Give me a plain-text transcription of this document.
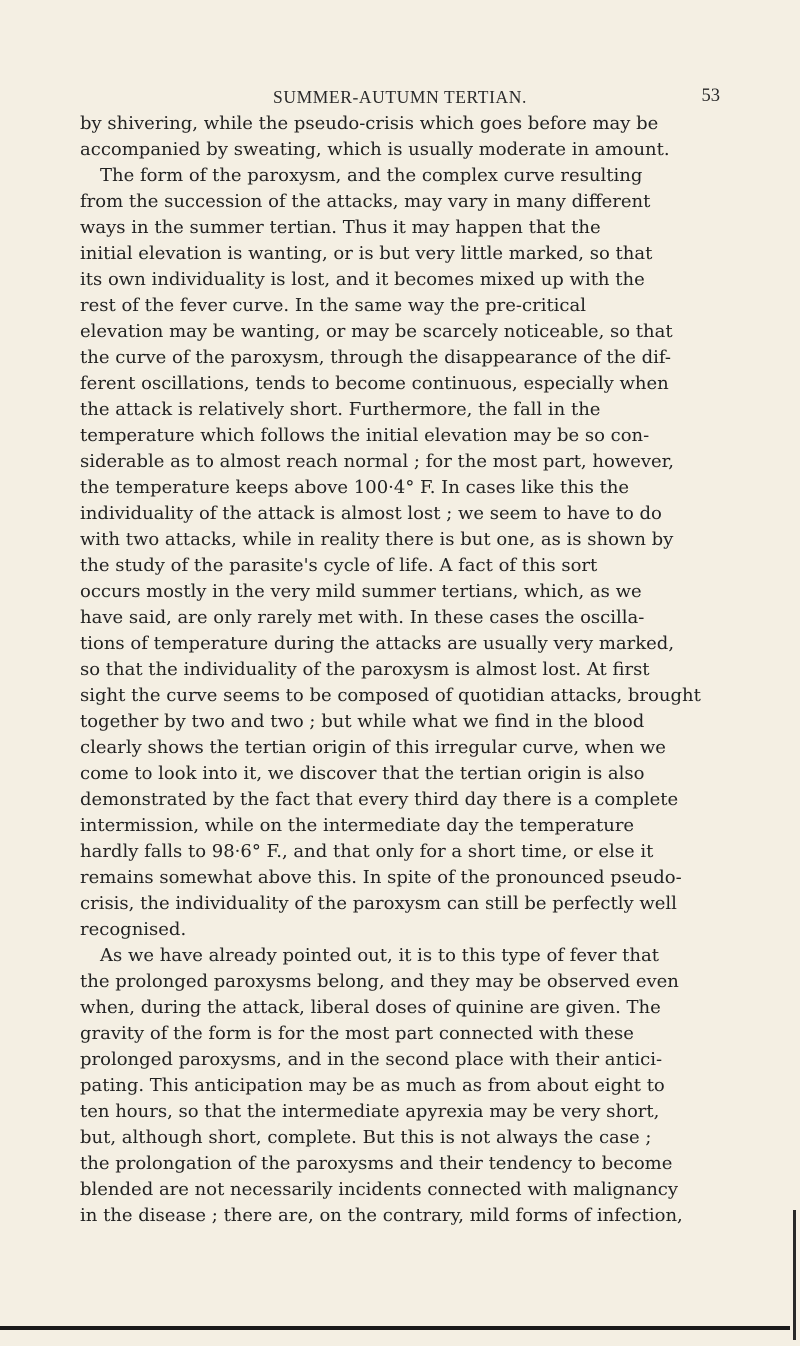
SUMMER-AUTUMN TERTIAN.	53
by shivering, while the pseudo-crisis which goes before may be
accompanied by sweating, which is usually moderate in amount.
The form of the paroxysm, and the complex curve resulting
from the succession of the attacks, may vary in many different
ways in the summer tertian. Thus it may happen that the
initial elevation is wanting, or is but very little marked, so that
its own individuality is lost, and it becomes mixed up with the
rest of the fever curve. In the same way the pre-critical
elevation may be wanting, or may be scarcely noticeable, so that
the curve of the paroxysm, through the disappearance of the dif-
ferent oscillations, tends to become continuous, especially when
the attack is relatively short. Furthermore, the fall in the
temperature which follows the initial elevation may be so con-
siderable as to almost reach normal ; for the most part, however,
the temperature keeps above 100·4° F. In cases like this the
individuality of the attack is almost lost ; we seem to have to do
with two attacks, while in reality there is but one, as is shown by
the study of the parasite's cycle of life. A fact of this sort
occurs mostly in the very mild summer tertians, which, as we
have said, are only rarely met with. In these cases the oscilla-
tions of temperature during the attacks are usually very marked,
so that the individuality of the paroxysm is almost lost. At first
sight the curve seems to be composed of quotidian attacks, brought
together by two and two ; but while what we find in the blood
clearly shows the tertian origin of this irregular curve, when we
come to look into it, we discover that the tertian origin is also
demonstrated by the fact that every third day there is a complete
intermission, while on the intermediate day the temperature
hardly falls to 98·6° F., and that only for a short time, or else it
remains somewhat above this. In spite of the pronounced pseudo-
crisis, the individuality of the paroxysm can still be perfectly well
recognised.
As we have already pointed out, it is to this type of fever that
the prolonged paroxysms belong, and they may be observed even
when, during the attack, liberal doses of quinine are given. The
gravity of the form is for the most part connected with these
prolonged paroxysms, and in the second place with their antici-
pating. This anticipation may be as much as from about eight to
ten hours, so that the intermediate apyrexia may be very short,
but, although short, complete. But this is not always the case ;
the prolongation of the paroxysms and their tendency to become
blended are not necessarily incidents connected with malignancy
in the disease ; there are, on the contrary, mild forms of infection,
